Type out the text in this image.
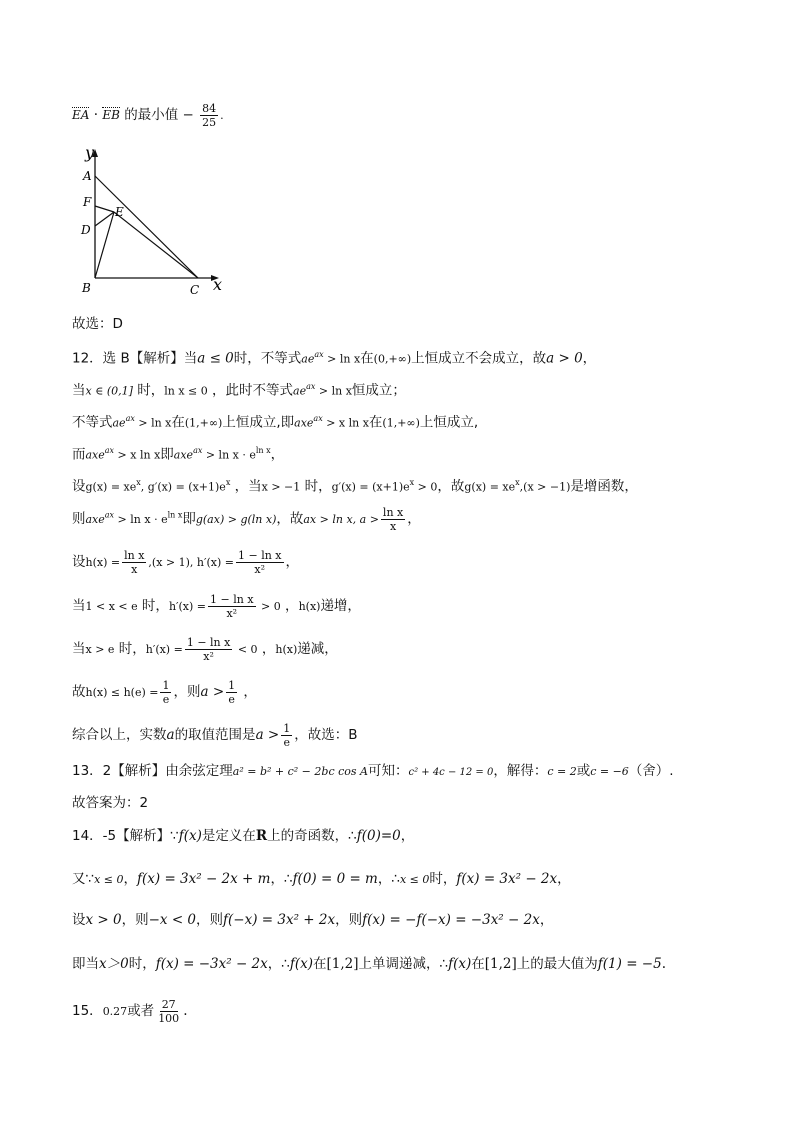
EA · EB 的最小值 − $\frac{84}{25}$ .
y
x
A
F
E
D
B	C
故选：D
12．选 B【解析】当a ≤ 0时，不等式$ae^{ax} > \ln x$在(0,+∞)上恒成立不会成立，故a > 0，
当x ∈ (0,1] 时，ln x ≤ 0 ，此时不等式$ae^{ax} > \ln x$恒成立；
不等式$ae^{ax} > \ln x$在(1,+∞)上恒成立,即axe$^{ax}$ > x ln x在(1,+∞)上恒成立,
而axe$^{ax}$ > x ln x即$axe^{ax} > \ln x \cdot e^{ln x}$，
设$g(x) = xe^x$, $g'(x) = (x+1)e^x$ ，当x > −1 时，$g'(x) = (x+1)e^x > 0$，故$g(x) = xe^x,(x > -1)$是增函数，
则$axe^{ax} > \ln x \cdot e^{ln x}$即g(ax) > g(ln x)，故ax > ln x, $a > \frac{\text{ln x}}{x}$ ，
设$h(x) = \frac{\text{ln x}}{x} ,(x > 1)$, $h'(x) = \frac{\text{1 − ln x}}{\text{x²}}$ ，
当1 < x < e 时，$h'(x) = \frac{\text{1 − ln x}}{\text{x²}} > 0$ ，h(x)递增，
当x > e 时，$h'(x) = \frac{\text{1 − ln x}}{\text{x²}} < 0$ ，h(x)递减，
故$h(x) \le h(e) = \frac{1}{e}$ ，则$a > \frac{1}{e}$ ，
综合以上，实数a的取值范围是$a > \frac{1}{e}$ ，故选：B
13．2【解析】由余弦定理a² = b² + c² − 2bc cos A可知：c² + 4c − 12 = 0，解得：c = 2或c = −6（舍）.
故答案为：2
14．-5【解析】∵f(x)是定义在R上的奇函数，∴f(0)=0，
又∵x ≤ 0，f(x) = 3x² − 2x + m，∴f(0) = 0 = m，∴x ≤ 0时，f(x) = 3x² − 2x，
设x > 0，则−x < 0，则f(−x) = 3x² + 2x，则f(x) = −f(−x) = −3x² − 2x，
即当x＞0时，f(x) = −3x² − 2x，∴f(x)在[1,2]上单调递减，∴f(x)在[1,2]上的最大值为f(1) = −5.
15．0.27或者 $\frac{27}{100}$ .
